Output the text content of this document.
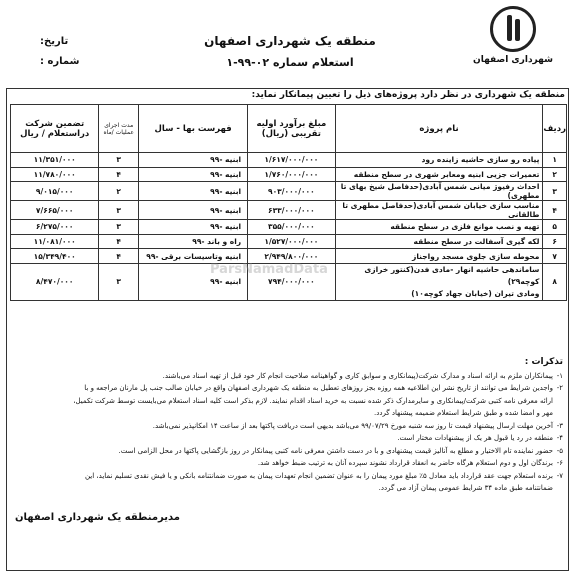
شهرداری اصفهان
منطقه یک شهرداری اصفهان
استعلام سماره ۰۲-۹۹-۱
تاریخ:
شماره :
منطقه یک شهرداری در نظر دارد پروژه‌های ذیل را تعیین پیمانکار نماید:
ردیف	نام پروژه	مبلغ برآورد اولیه تقریبی (ریال)	فهرست بها - سال	مدت اجرای عملیات /ماه	تضمین شرکت دراستعلام / ریال
۱	پیاده رو سازی حاشیه زاینده رود	۱/۶۱۷/۰۰۰/۰۰۰	ابنیه -۹۹	۳	۱۱/۳۵۱/۰۰۰
۲	تعمیرات جزیی ابنیه ومعابر شهری در سطح منطقه	۱/۷۶۰/۰۰۰/۰۰۰	ابنیه -۹۹	۴	۱۱/۷۸۰/۰۰۰
۳	احداث رفیوژ میانی شمس آبادی(حدفاصل شیخ بهای تا مطهری)	۹۰۳/۰۰۰/۰۰۰	ابنیه -۹۹	۲	۹/۰۱۵/۰۰۰
۴	مناسب سازی خیابان شمس آبادی(حدفاصل مطهری تا طالقانی	۶۳۳/۰۰۰/۰۰۰	ابنیه -۹۹	۳	۷/۶۶۵/۰۰۰
۵	تهیه و نصب موانع فلزی در سطح منطقه	۳۵۵/۰۰۰/۰۰۰	ابنیه -۹۹	۳	۶/۲۷۵/۰۰۰
۶	لکه گیری آسفالت در سطح منطقه	۱/۵۲۷/۰۰۰/۰۰۰	راه و باند -۹۹	۴	۱۱/۰۸۱/۰۰۰
۷	محوطه سازی جلوی مسجد رواجناز	۲/۹۴۹/۸۰۰/۰۰۰	ابنیه وتاسیسات برقی -۹۹	۴	۱۵/۳۴۹/۴۰۰
۸	ساماندهی حاشیه انهار -مادی فدن(کنتور خرازی کوچه۲۹)
ومادی تیران (خیابان جهاد کوچه۱۰)	۷۹۴/۰۰۰/۰۰۰	ابنیه -۹۹	۳	۸/۴۷۰/۰۰۰
ParsNamadData
تذکرات :
۱-
پیمانکاران ملزم به ارائه اسناد و مدارک شرکت(پیمانکاری و سوابق کاری و گواهینامه صلاحیت انجام کار خود قبل از تهیه اسناد می‌باشند.
۲-
واجدین شرایط می توانند از تاریخ نشر این اطلاعیه همه روزه بجز روزهای تعطیل به منطقه یک شهرداری اصفهان واقع در خیابان صالب جنب پل مارنان مراجعه و با
ارائه معرفی نامه کتبی شرکت/پیمانکاری و سایرمدارک ذکر شده نسبت به خرید اسناد اقدام نمایند. لازم بذکر است کلیه اسناد استعلام می‌بایست توسط شرکت تکمیل،
مهر و امضا شده و طبق شرایط استعلام ضمیمه پیشنهاد گردد.
۳-
آخرین مهلت ارسال پیشنهاد قیمت تا روز سه شنبه مورخ ۹۹/۰۷/۲۹ می‌باشد بدیهی است دریافت پاکتها بعد از ساعت ۱۴ امکانپذیر نمی‌باشد.
۴-
منطقه در رد یا قبول هر یک از پیشنهادات مختار است.
۵-
حضور نماینده تام الاختیار و مطلع به آنالیز قیمت پیشنهادی و با در دست داشتن معرفی نامه کتبی پیمانکار در روز بازگشایی پاکتها در محل الزامی است.
۶-
برندگان اول و دوم استعلام هرگاه حاضر به انعقاد قرارداد نشوند سپرده آنان به ترتیب ضبط خواهد شد.
۷-
برنده استعلام جهت عقد قرارداد باید معادل ۵٪ مبلغ مورد پیمان را به عنوان تضمین انجام تعهدات پیمان به صورت ضمانتنامه بانکی و یا فیش نقدی تسلیم نماید، این
ضمانتنامه طبق ماده ۳۴ شرایط عمومی پیمان آزاد می گردد.
مدیرمنطقه یک شهرداری اصفهان
